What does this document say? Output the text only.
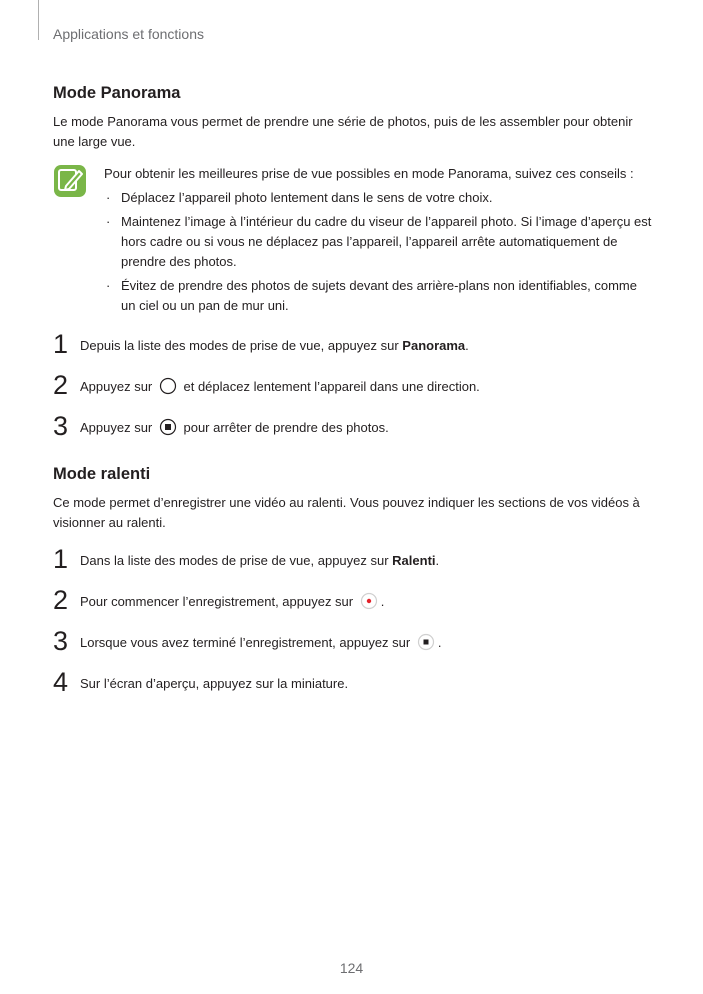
Applications et fonctions
Mode Panorama

Le mode Panorama vous permet de prendre une série de photos, puis de les assembler pour obtenir une large vue.

Pour obtenir les meilleures prise de vue possibles en mode Panorama, suivez ces conseils :

· Déplacez l’appareil photo lentement dans le sens de votre choix.
· Maintenez l’image à l’intérieur du cadre du viseur de l’appareil photo. Si l’image d’aperçu est hors cadre ou si vous ne déplacez pas l’appareil, l’appareil arrête automatiquement de prendre des photos.
· Évitez de prendre des photos de sujets devant des arrière-plans non identifiables, comme un ciel ou un pan de mur uni.
1 Depuis la liste des modes de prise de vue, appuyez sur Panorama.
2 Appuyez sur  et déplacez lentement l’appareil dans une direction.
3 Appuyez sur  pour arrêter de prendre des photos.
Mode ralenti

Ce mode permet d’enregistrer une vidéo au ralenti. Vous pouvez indiquer les sections de vos vidéos à visionner au ralenti.

1 Dans la liste des modes de prise de vue, appuyez sur Ralenti.
2 Pour commencer l’enregistrement, appuyez sur .
3 Lorsque vous avez terminé l’enregistrement, appuyez sur .
4 Sur l’écran d’aperçu, appuyez sur la miniature.
124
